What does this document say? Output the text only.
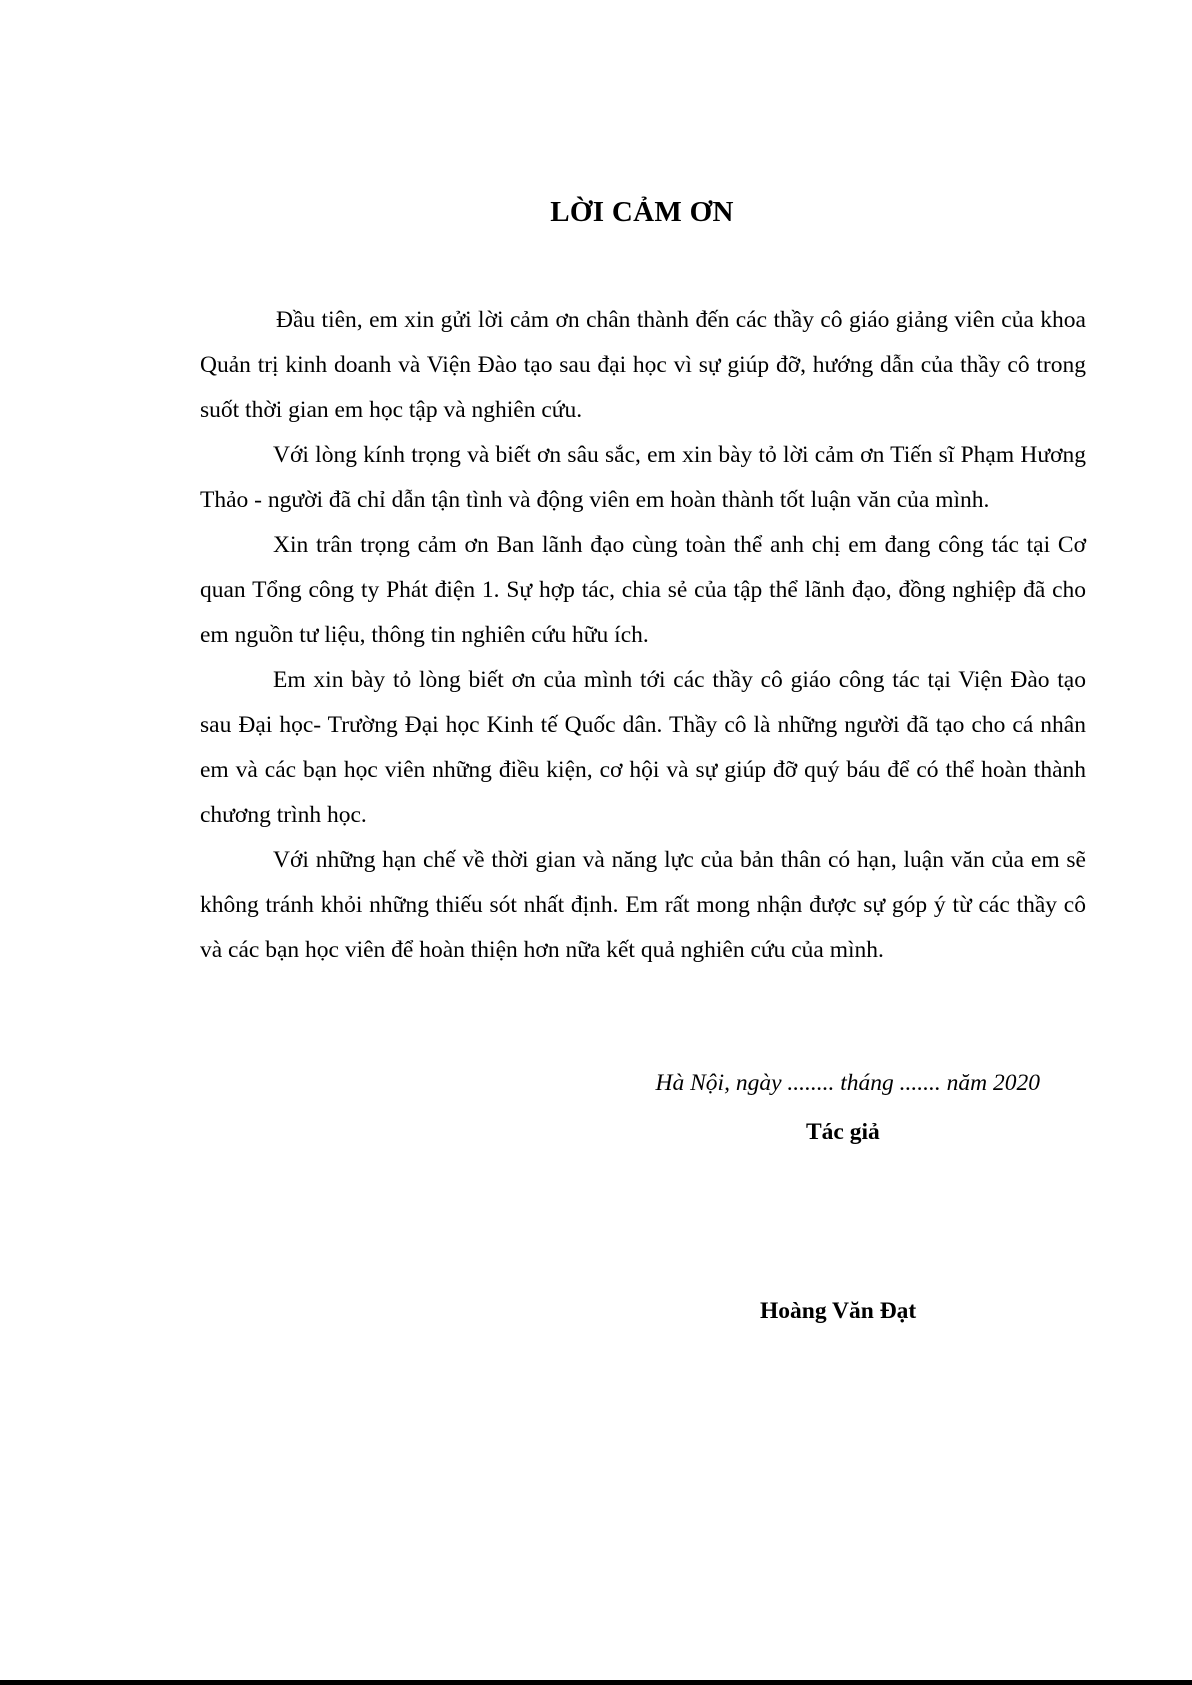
LỜI CẢM ƠN

Đầu tiên, em xin gửi lời cảm ơn chân thành đến các thầy cô giáo giảng viên của khoa Quản trị kinh doanh và Viện Đào tạo sau đại học vì sự giúp đỡ, hướng dẫn của thầy cô trong suốt thời gian em học tập và nghiên cứu.

Với lòng kính trọng và biết ơn sâu sắc, em xin bày tỏ lời cảm ơn Tiến sĩ Phạm Hương Thảo - người đã chỉ dẫn tận tình và động viên em hoàn thành tốt luận văn của mình.

Xin trân trọng cảm ơn Ban lãnh đạo cùng toàn thể anh chị em đang công tác tại Cơ quan Tổng công ty Phát điện 1. Sự hợp tác, chia sẻ của tập thể lãnh đạo, đồng nghiệp đã cho em nguồn tư liệu, thông tin nghiên cứu hữu ích.

Em xin bày tỏ lòng biết ơn của mình tới các thầy cô giáo công tác tại Viện Đào tạo sau Đại học- Trường Đại học Kinh tế Quốc dân. Thầy cô là những người đã tạo cho cá nhân em và các bạn học viên những điều kiện, cơ hội và sự giúp đỡ quý báu để có thể hoàn thành chương trình học.

Với những hạn chế về thời gian và năng lực của bản thân có hạn, luận văn của em sẽ không tránh khỏi những thiếu sót nhất định. Em rất mong nhận được sự góp ý từ các thầy cô và các bạn học viên để hoàn thiện hơn nữa kết quả nghiên cứu của mình.

Hà Nội, ngày ........ tháng ....... năm 2020
Tác giả
Hoàng Văn Đạt
